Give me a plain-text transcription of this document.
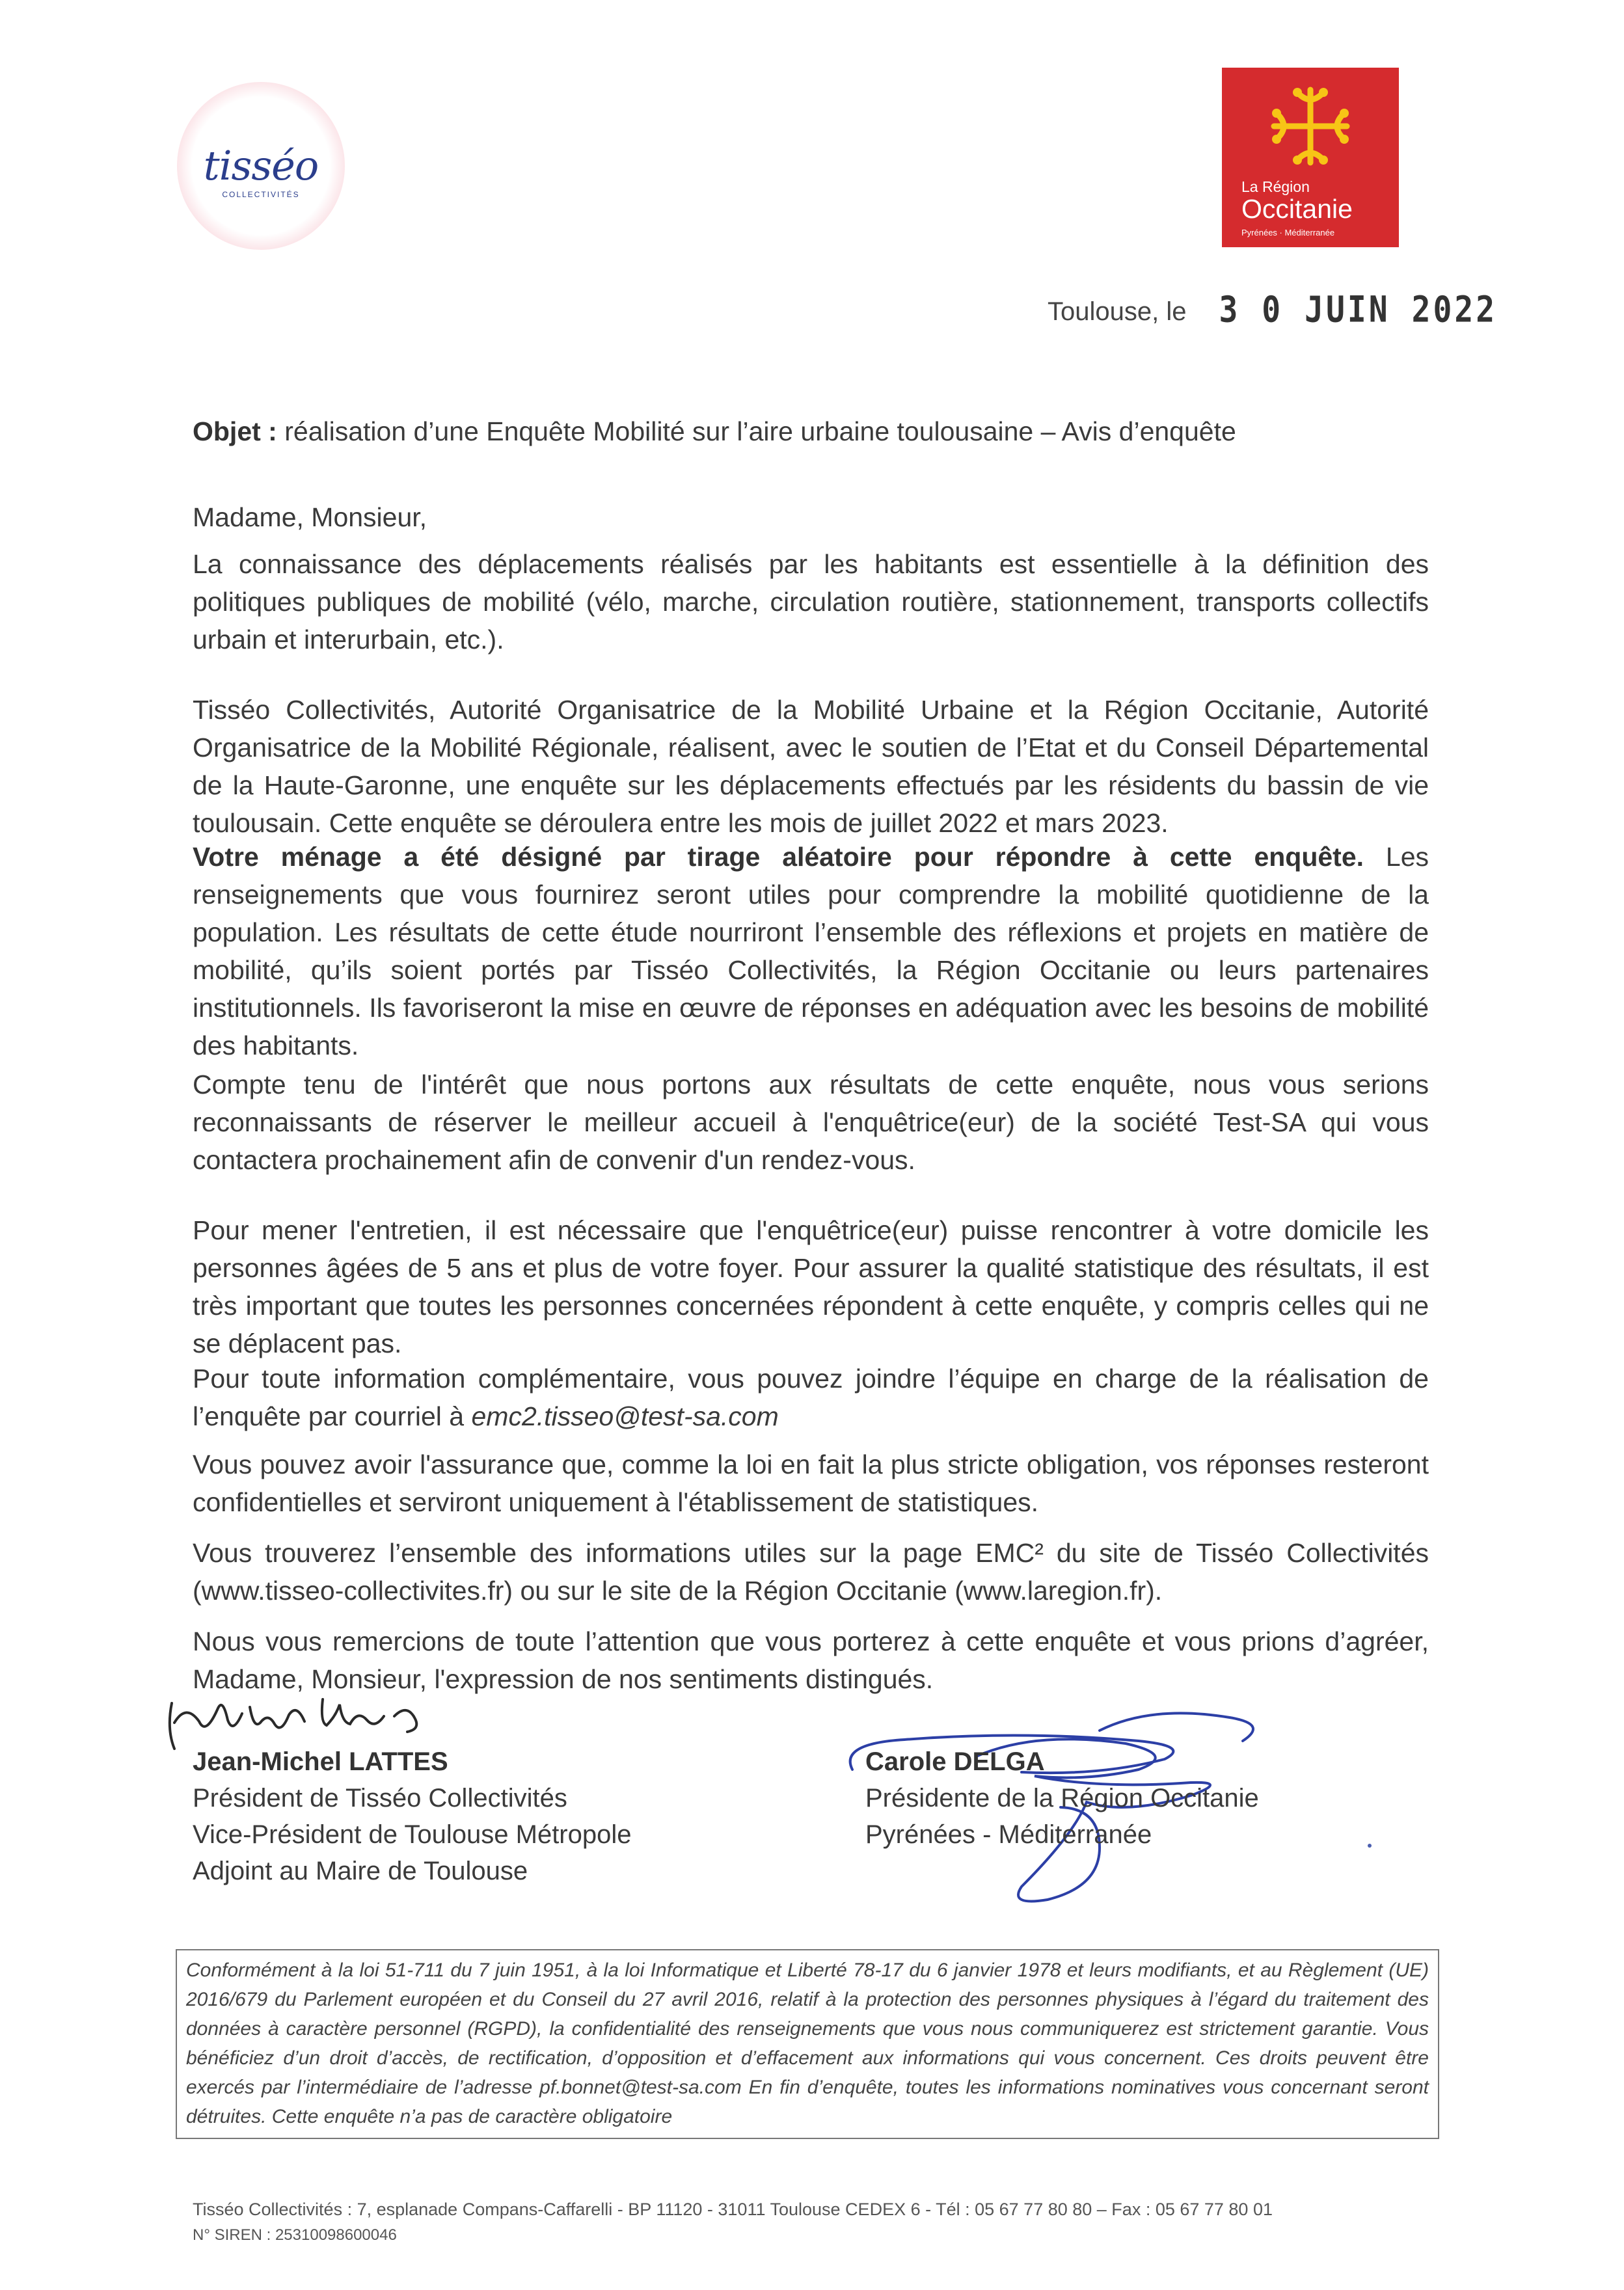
tisséo
COLLECTIVITÉS	La Région
Occitanie
Pyrénées · Méditerranée
Toulouse, le 3 0 JUIN 2022
Objet : réalisation d’une Enquête Mobilité sur l’aire urbaine toulousaine – Avis d’enquête
Madame, Monsieur,
La connaissance des déplacements réalisés par les habitants est essentielle à la définition des politiques publiques de mobilité (vélo, marche, circulation routière, stationnement, transports collectifs urbain et interurbain, etc.).
Tisséo Collectivités, Autorité Organisatrice de la Mobilité Urbaine et la Région Occitanie, Autorité Organisatrice de la Mobilité Régionale, réalisent, avec le soutien de l’Etat et du Conseil Départemental de la Haute-Garonne, une enquête sur les déplacements effectués par les résidents du bassin de vie toulousain. Cette enquête se déroulera entre les mois de juillet 2022 et mars 2023.
Votre ménage a été désigné par tirage aléatoire pour répondre à cette enquête. Les renseignements que vous fournirez seront utiles pour comprendre la mobilité quotidienne de la population. Les résultats de cette étude nourriront l’ensemble des réflexions et projets en matière de mobilité, qu’ils soient portés par Tisséo Collectivités, la Région Occitanie ou leurs partenaires institutionnels. Ils favoriseront la mise en œuvre de réponses en adéquation avec les besoins de mobilité des habitants.
Compte tenu de l'intérêt que nous portons aux résultats de cette enquête, nous vous serions reconnaissants de réserver le meilleur accueil à l'enquêtrice(eur) de la société Test-SA qui vous contactera prochainement afin de convenir d'un rendez-vous.
Pour mener l'entretien, il est nécessaire que l'enquêtrice(eur) puisse rencontrer à votre domicile les personnes âgées de 5 ans et plus de votre foyer. Pour assurer la qualité statistique des résultats, il est très important que toutes les personnes concernées répondent à cette enquête, y compris celles qui ne se déplacent pas.
Pour toute information complémentaire, vous pouvez joindre l’équipe en charge de la réalisation de l’enquête par courriel à emc2.tisseo@test-sa.com
Vous pouvez avoir l'assurance que, comme la loi en fait la plus stricte obligation, vos réponses resteront confidentielles et serviront uniquement à l'établissement de statistiques.
Vous trouverez l’ensemble des informations utiles sur la page EMC² du site de Tisséo Collectivités (www.tisseo-collectivites.fr) ou sur le site de la Région Occitanie (www.laregion.fr).
Nous vous remercions de toute l’attention que vous porterez à cette enquête et vous prions d’agréer, Madame, Monsieur, l'expression de nos sentiments distingués.
Jean-Michel LATTES
Président de Tisséo Collectivités
Vice-Président de Toulouse Métropole
Adjoint au Maire de Toulouse
Carole DELGA
Présidente de la Région Occitanie
Pyrénées - Méditerranée
Conformément à la loi 51-711 du 7 juin 1951, à la loi Informatique et Liberté 78-17 du 6 janvier 1978 et leurs modifiants, et au Règlement (UE) 2016/679 du Parlement européen et du Conseil du 27 avril 2016, relatif à la protection des personnes physiques à l’égard du traitement des données à caractère personnel (RGPD), la confidentialité des renseignements que vous nous communiquerez est strictement garantie. Vous bénéficiez d’un droit d’accès, de rectification, d’opposition et d’effacement aux informations qui vous concernent. Ces droits peuvent être exercés par l’intermédiaire de l’adresse pf.bonnet@test-sa.com En fin d’enquête, toutes les informations nominatives vous concernant seront détruites. Cette enquête n’a pas de caractère obligatoire
Tisséo Collectivités : 7, esplanade Compans-Caffarelli - BP 11120 - 31011 Toulouse CEDEX 6 - Tél : 05 67 77 80 80 – Fax : 05 67 77 80 01
N° SIREN : 25310098600046
